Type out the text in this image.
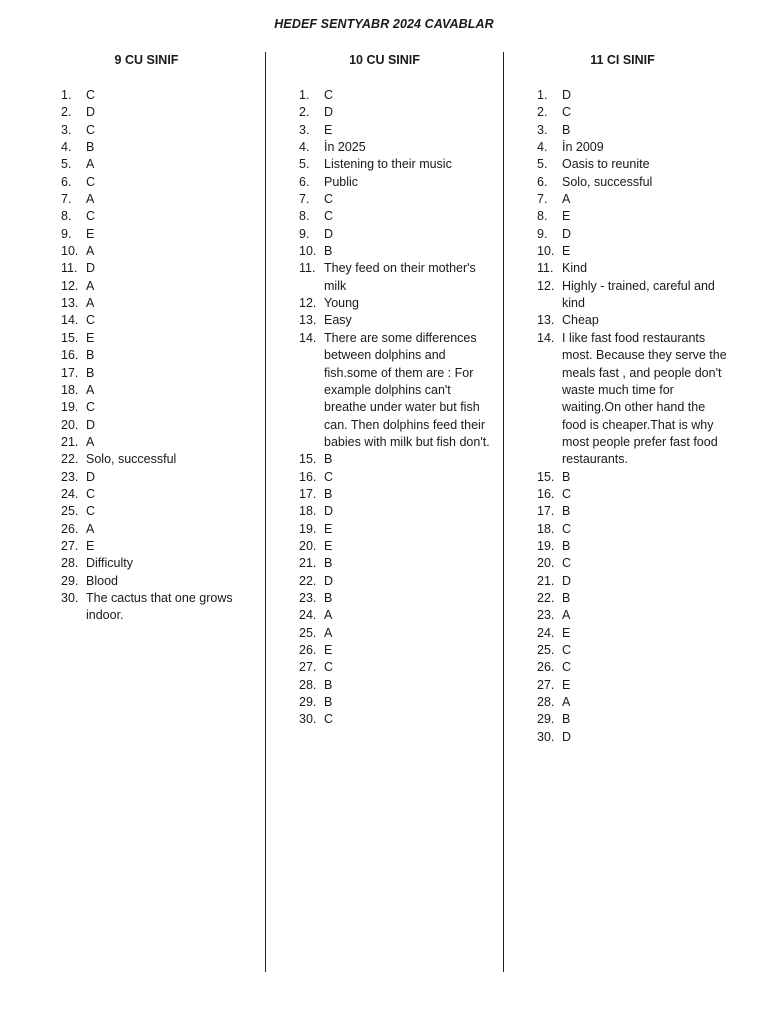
HEDEF SENTYABR 2024 CAVABLAR
9 CU SINIF
1. C
2. D
3. C
4. B
5. A
6. C
7. A
8. C
9. E
10. A
11. D
12. A
13. A
14. C
15. E
16. B
17. B
18. A
19. C
20. D
21. A
22. Solo, successful
23. D
24. C
25. C
26. A
27. E
28. Difficulty
29. Blood
30. The cactus that one grows indoor.
10 CU SINIF
1. C
2. D
3. E
4. İn 2025
5. Listening to their music
6. Public
7. C
8. C
9. D
10. B
11. They feed on their mother's milk
12. Young
13. Easy
14. There are some differences between dolphins and fish.some of them are : For example dolphins can't breathe under water but fish can. Then dolphins feed their babies with milk but fish don't.
15. B
16. C
17. B
18. D
19. E
20. E
21. B
22. D
23. B
24. A
25. A
26. E
27. C
28. B
29. B
30. C
11 CI SINIF
1. D
2. C
3. B
4. İn 2009
5. Oasis to reunite
6. Solo, successful
7. A
8. E
9. D
10. E
11. Kind
12. Highly - trained, careful and kind
13. Cheap
14. I like fast food restaurants most. Because they serve the meals fast , and people don't waste much time for waiting.On other hand the food is cheaper.That is why most people prefer fast food restaurants.
15. B
16. C
17. B
18. C
19. B
20. C
21. D
22. B
23. A
24. E
25. C
26. C
27. E
28. A
29. B
30. D
